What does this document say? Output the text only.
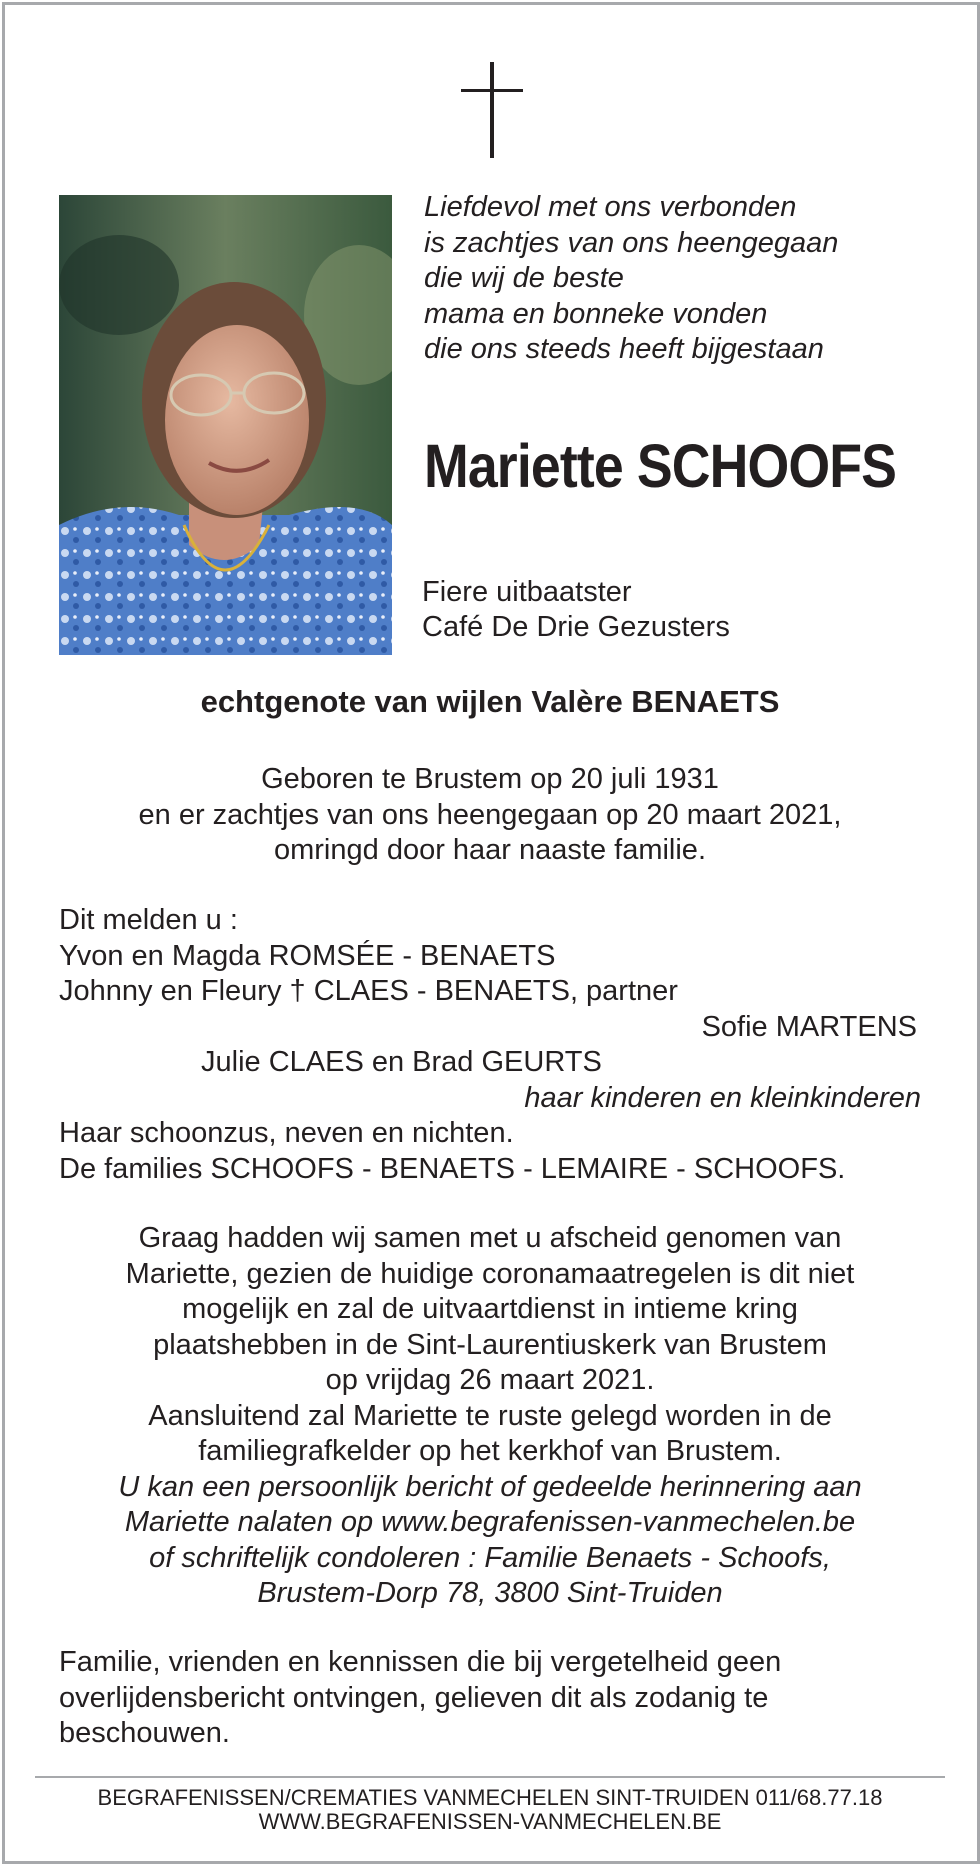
Liefdevol met ons verbonden
is zachtjes van ons heengegaan
die wij de beste
mama en bonneke vonden
die ons steeds heeft bijgestaan
Mariette SCHOOFS
Fiere uitbaatster
Café De Drie Gezusters
echtgenote van wijlen Valère BENAETS
Geboren te Brustem op 20 juli 1931
en er zachtjes van ons heengegaan op 20 maart 2021,
omringd door haar naaste familie.
Dit melden u :
Yvon en Magda ROMSÉE - BENAETS
Johnny en Fleury † CLAES - BENAETS, partner
Sofie MARTENS
Julie CLAES en Brad GEURTS
haar kinderen en kleinkinderen
Haar schoonzus, neven en nichten.
De families SCHOOFS - BENAETS - LEMAIRE - SCHOOFS.
Graag hadden wij samen met u afscheid genomen van
Mariette, gezien de huidige coronamaatregelen is dit niet
mogelijk en zal de uitvaartdienst in intieme kring
plaatshebben in de Sint-Laurentiuskerk van Brustem
op vrijdag 26 maart 2021.
Aansluitend zal Mariette te ruste gelegd worden in de
familiegrafkelder op het kerkhof van Brustem.
U kan een persoonlijk bericht of gedeelde herinnering aan
Mariette nalaten op www.begrafenissen-vanmechelen.be
of schriftelijk condoleren : Familie Benaets - Schoofs,
Brustem-Dorp 78, 3800 Sint-Truiden
Familie, vrienden en kennissen die bij vergetelheid geen
overlijdensbericht ontvingen, gelieven dit als zodanig te
beschouwen.
BEGRAFENISSEN/CREMATIES VANMECHELEN SINT-TRUIDEN 011/68.77.18
WWW.BEGRAFENISSEN-VANMECHELEN.BE
